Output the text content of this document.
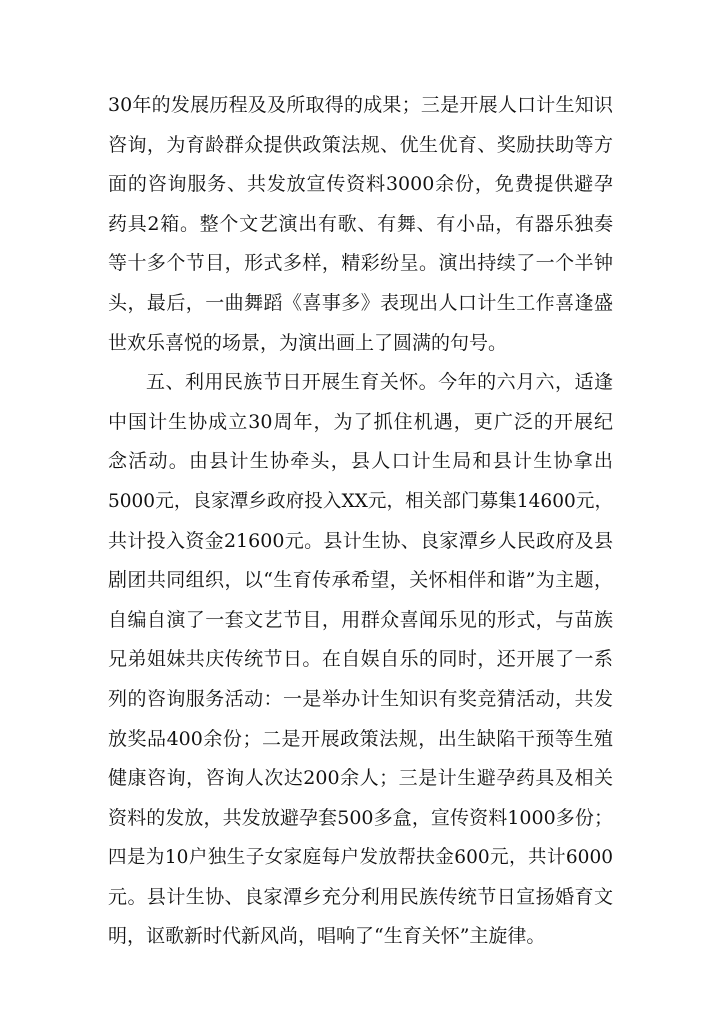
30年的发展历程及及所取得的成果；三是开展人口计生知识
咨询，为育龄群众提供政策法规、优生优育、奖励扶助等方
面的咨询服务、共发放宣传资料3000余份，免费提供避孕
药具2箱。整个文艺演出有歌、有舞、有小品，有器乐独奏
等十多个节目，形式多样，精彩纷呈。演出持续了一个半钟
头，最后，一曲舞蹈《喜事多》表现出人口计生工作喜逢盛
世欢乐喜悦的场景，为演出画上了圆满的句号。
五、利用民族节日开展生育关怀。今年的六月六，适逢
中国计生协成立30周年，为了抓住机遇，更广泛的开展纪
念活动。由县计生协牵头，县人口计生局和县计生协拿出
5000元，良家潭乡政府投入XX元，相关部门募集14600元，
共计投入资金21600元。县计生协、良家潭乡人民政府及县
剧团共同组织，以“生育传承希望，关怀相伴和谐”为主题，
自编自演了一套文艺节目，用群众喜闻乐见的形式，与苗族
兄弟姐妹共庆传统节日。在自娱自乐的同时，还开展了一系
列的咨询服务活动：一是举办计生知识有奖竞猜活动，共发
放奖品400余份；二是开展政策法规，出生缺陷干预等生殖
健康咨询，咨询人次达200余人；三是计生避孕药具及相关
资料的发放，共发放避孕套500多盒，宣传资料1000多份；
四是为10户独生子女家庭每户发放帮扶金600元，共计6000
元。县计生协、良家潭乡充分利用民族传统节日宣扬婚育文
明，讴歌新时代新风尚，唱响了“生育关怀”主旋律。
